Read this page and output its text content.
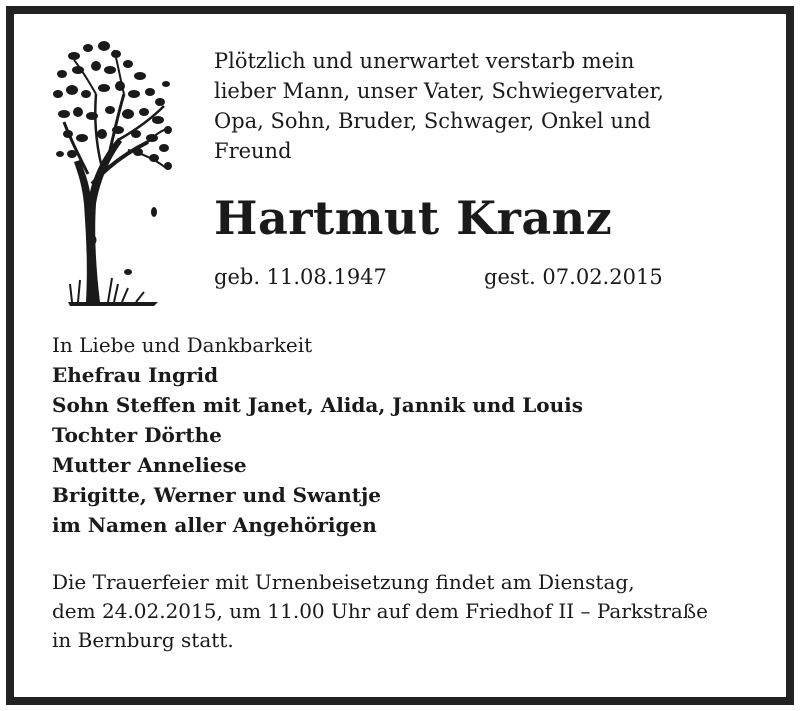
Plötzlich und unerwartet verstarb mein
lieber Mann, unser Vater, Schwiegervater,
Opa, Sohn, Bruder, Schwager, Onkel und
Freund
Hartmut Kranz
geb. 11.08.1947	gest. 07.02.2015
In Liebe und Dankbarkeit
Ehefrau Ingrid
Sohn Steffen mit Janet, Alida, Jannik und Louis
Tochter Dörthe
Mutter Anneliese
Brigitte, Werner und Swantje
im Namen aller Angehörigen
Die Trauerfeier mit Urnenbeisetzung findet am Dienstag,
dem 24.02.2015, um 11.00 Uhr auf dem Friedhof II – Parkstraße
in Bernburg statt.
